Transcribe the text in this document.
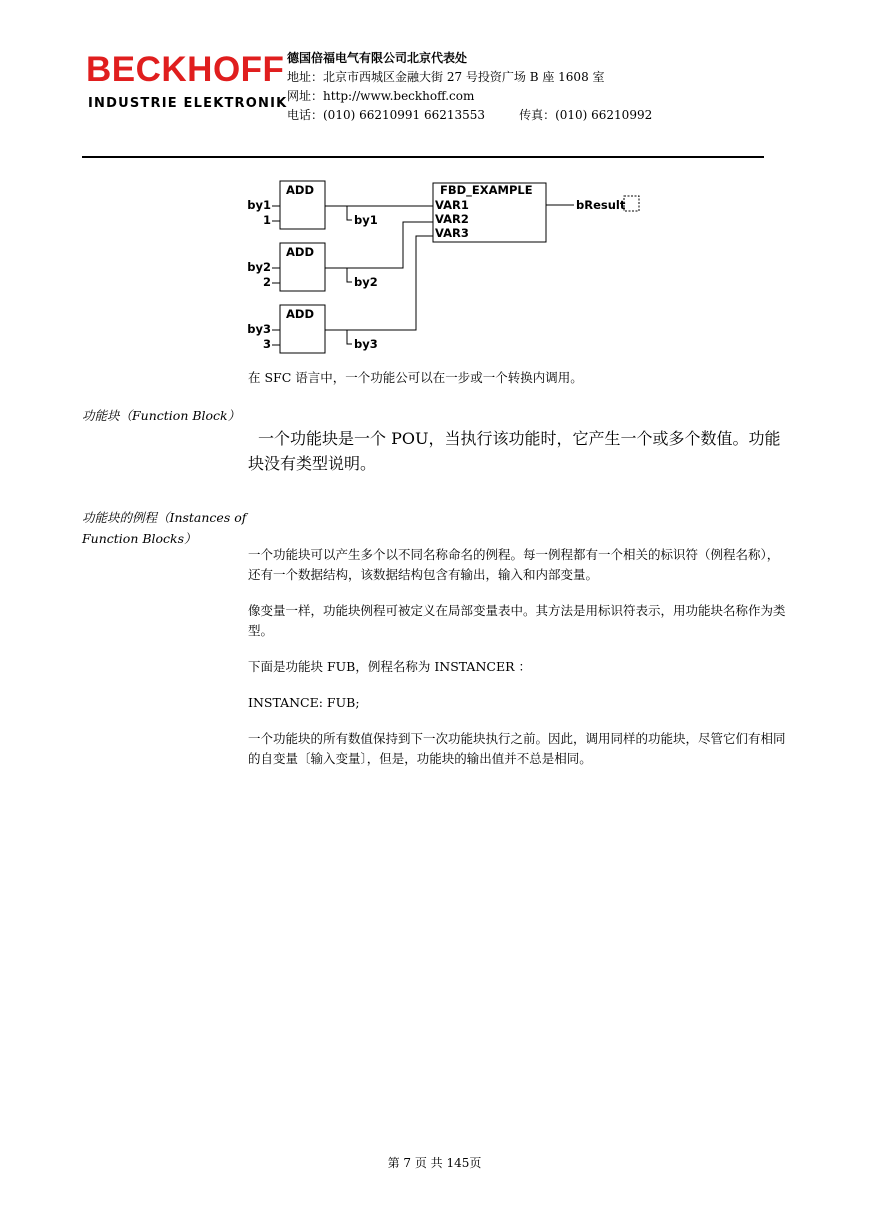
BECKHOFF
INDUSTRIE ELEKTRONIK
德国倍福电气有限公司北京代表处
地址：北京市西城区金融大街 27 号投资广场 B 座 1608 室
网址：http://www.beckhoff.com
电话：(010) 66210991 66213553	传真：(010) 66210992
ADD
ADD
ADD
by1
1
by2
2
by3
3
by1
by2
by3
FBD_EXAMPLE
VAR1
VAR2
VAR3
bResult
在 SFC 语言中，一个功能公可以在一步或一个转换内调用。
功能块（Function Block）
一个功能块是一个 POU，当执行该功能时，它产生一个或多个数值。功能块没有类型说明。
功能块的例程（Instances of Function Blocks）
一个功能块可以产生多个以不同名称命名的例程。每一例程都有一个相关的标识符（例程名称），还有一个数据结构，该数据结构包含有输出，输入和内部变量。
像变量一样，功能块例程可被定义在局部变量表中。其方法是用标识符表示，用功能块名称作为类型。
下面是功能块 FUB，例程名称为 INSTANCER ：
INSTANCE: FUB;
一个功能块的所有数值保持到下一次功能块执行之前。因此，调用同样的功能块，尽管它们有相同的自变量〔输入变量〕，但是，功能块的输出值并不总是相同。
第 7 页 共 145页
